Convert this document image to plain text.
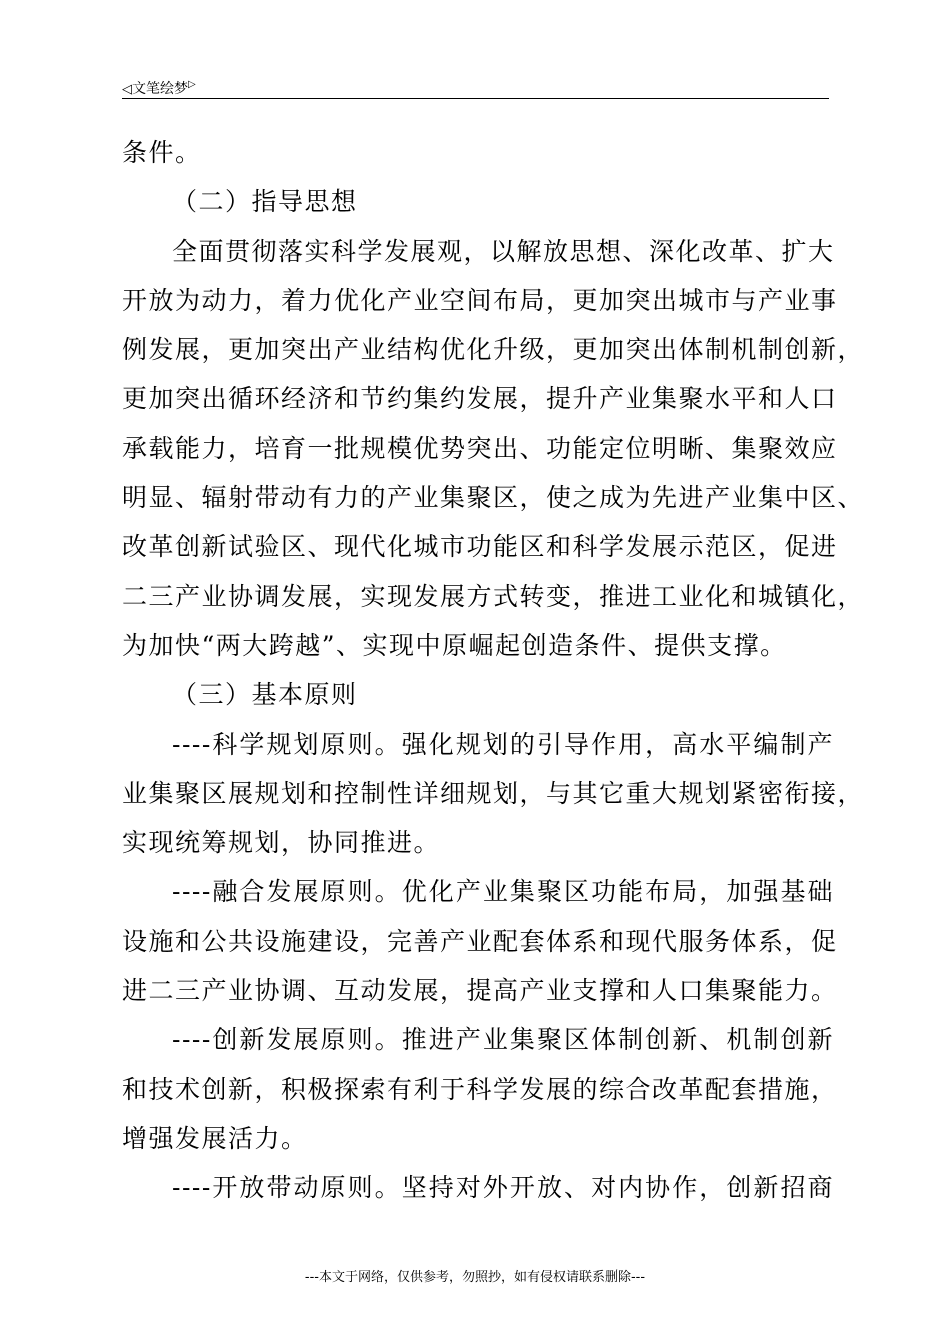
◁文笔绘梦▷
条件。
（二）指导思想
全面贯彻落实科学发展观，以解放思想、深化改革、扩大
开放为动力，着力优化产业空间布局，更加突出城市与产业事
例发展，更加突出产业结构优化升级，更加突出体制机制创新，
更加突出循环经济和节约集约发展，提升产业集聚水平和人口
承载能力，培育一批规模优势突出、功能定位明晰、集聚效应
明显、辐射带动有力的产业集聚区，使之成为先进产业集中区、
改革创新试验区、现代化城市功能区和科学发展示范区，促进
二三产业协调发展，实现发展方式转变，推进工业化和城镇化，
为加快“两大跨越”、实现中原崛起创造条件、提供支撑。
（三）基本原则
----科学规划原则。强化规划的引导作用，高水平编制产
业集聚区展规划和控制性详细规划，与其它重大规划紧密衔接，
实现统筹规划，协同推进。
----融合发展原则。优化产业集聚区功能布局，加强基础
设施和公共设施建设，完善产业配套体系和现代服务体系，促
进二三产业协调、互动发展，提高产业支撑和人口集聚能力。
----创新发展原则。推进产业集聚区体制创新、机制创新
和技术创新，积极探索有利于科学发展的综合改革配套措施，
增强发展活力。
----开放带动原则。坚持对外开放、对内协作，创新招商
---本文于网络，仅供参考，勿照抄，如有侵权请联系删除---
